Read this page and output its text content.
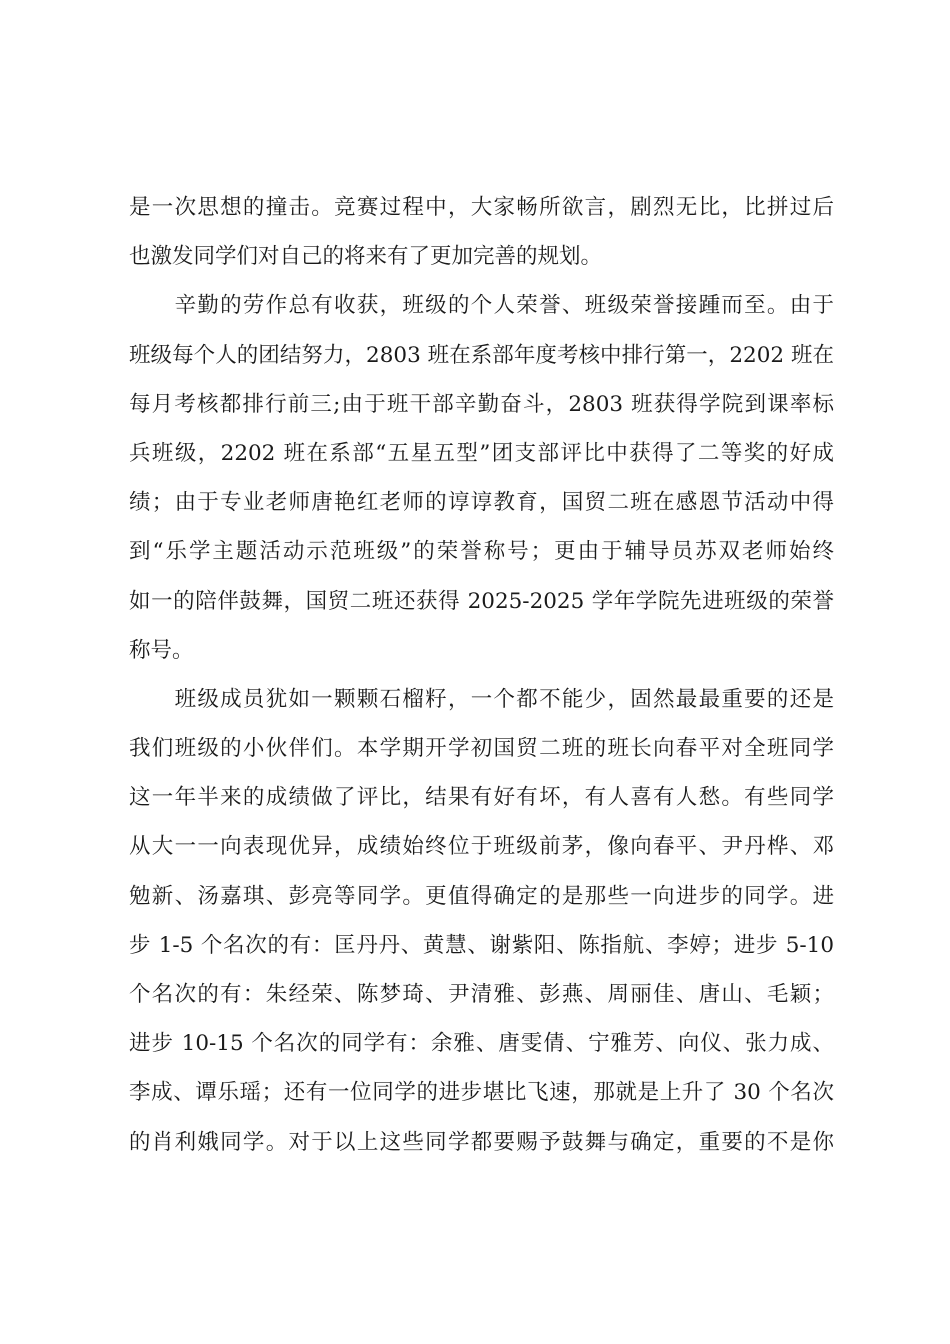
是一次思想的撞击。竞赛过程中，大家畅所欲言，剧烈无比，比拼过后
也激发同学们对自己的将来有了更加完善的规划。
　　辛勤的劳作总有收获，班级的个人荣誉、班级荣誉接踵而至。由于
班级每个人的团结努力，2803 班在系部年度考核中排行第一，2202 班在
每月考核都排行前三;由于班干部辛勤奋斗，2803 班获得学院到课率标
兵班级，2202 班在系部“五星五型”团支部评比中获得了二等奖的好成
绩；由于专业老师唐艳红老师的谆谆教育，国贸二班在感恩节活动中得
到“乐学主题活动示范班级”的荣誉称号；更由于辅导员苏双老师始终
如一的陪伴鼓舞，国贸二班还获得 2025-2025 学年学院先进班级的荣誉
称号。
　　班级成员犹如一颗颗石榴籽，一个都不能少，固然最最重要的还是
我们班级的小伙伴们。本学期开学初国贸二班的班长向春平对全班同学
这一年半来的成绩做了评比，结果有好有坏，有人喜有人愁。有些同学
从大一一向表现优异，成绩始终位于班级前茅，像向春平、尹丹桦、邓
勉新、汤嘉琪、彭亮等同学。更值得确定的是那些一向进步的同学。进
步 1-5 个名次的有：匡丹丹、黄慧、谢紫阳、陈指航、李婷；进步 5-10
个名次的有：朱经荣、陈梦琦、尹清雅、彭燕、周丽佳、唐山、毛颖；
进步 10-15 个名次的同学有：余雅、唐雯倩、宁雅芳、向仪、张力成、
李成、谭乐瑶；还有一位同学的进步堪比飞速，那就是上升了 30 个名次
的肖利娥同学。对于以上这些同学都要赐予鼓舞与确定，重要的不是你
